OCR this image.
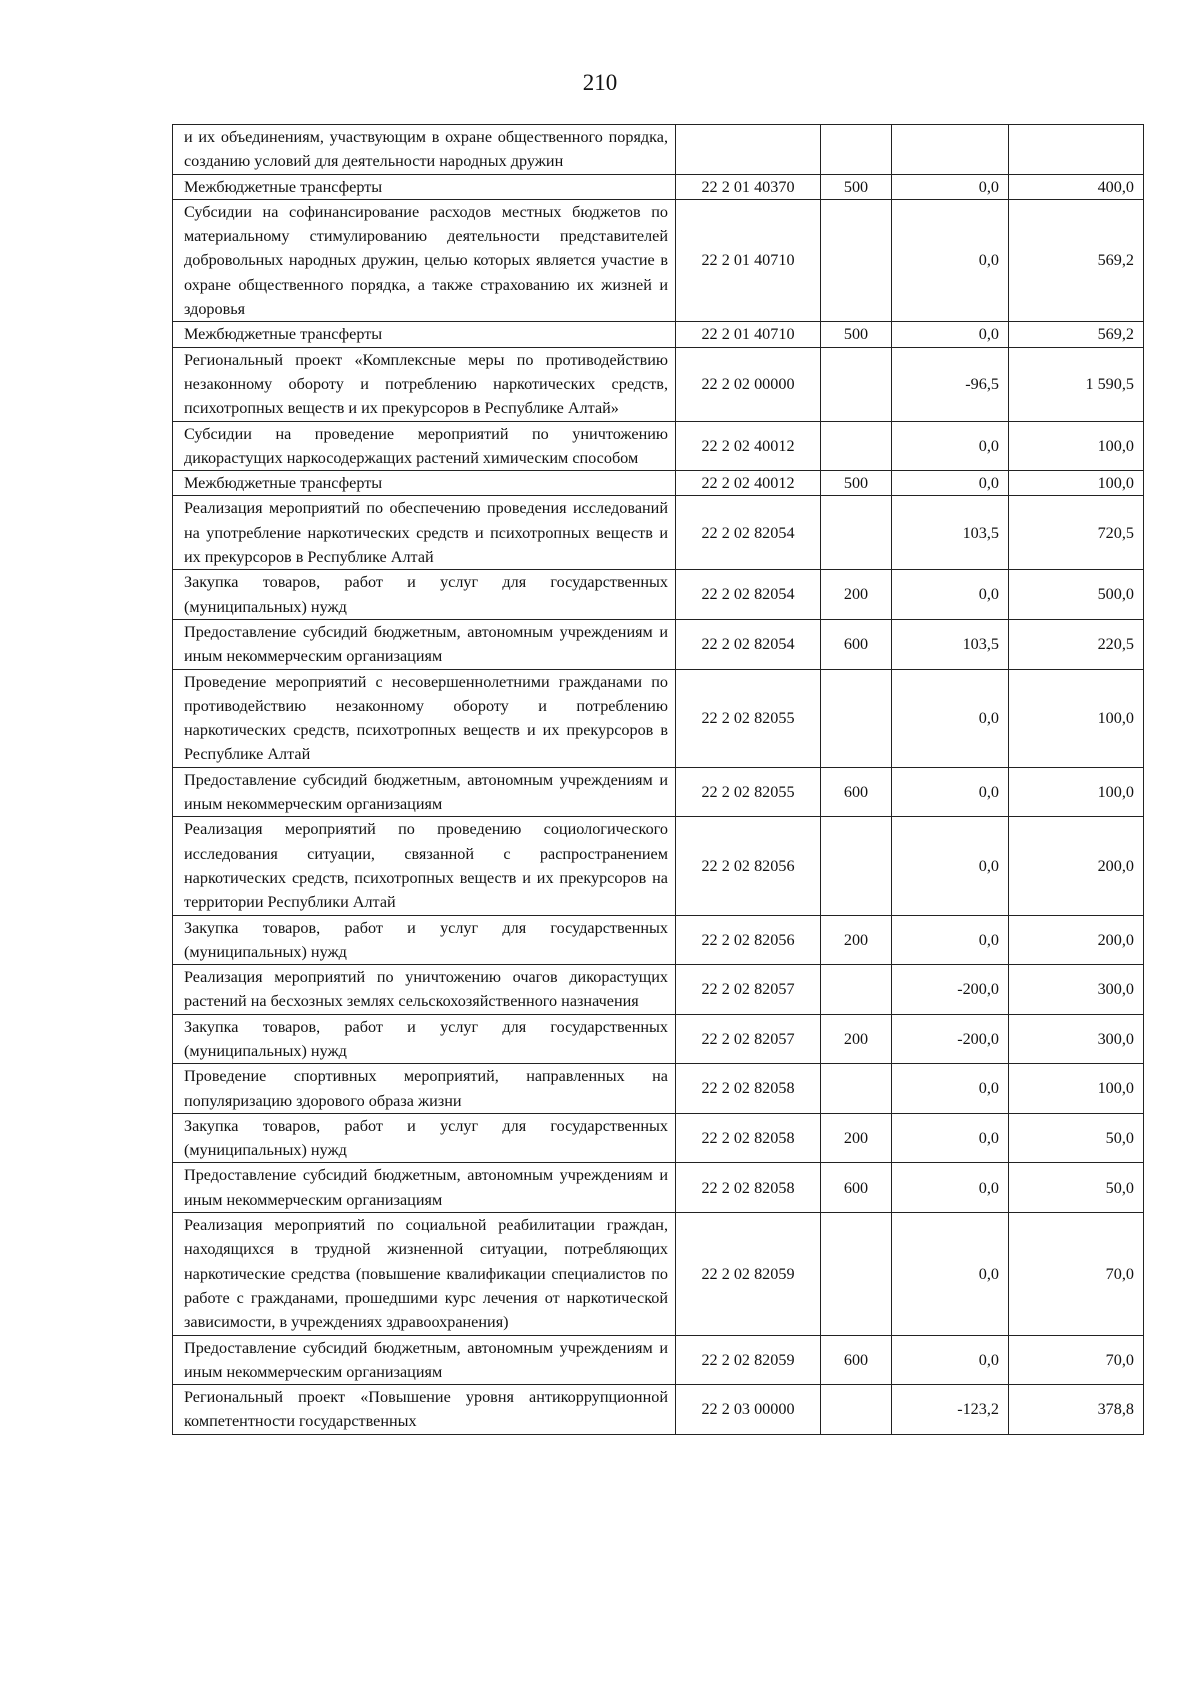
210
и их объединениям, участвующим в охране общественного порядка, созданию условий для деятельности народных дружин				
Межбюджетные трансферты	22 2 01 40370	500	0,0	400,0
Субсидии на софинансирование расходов местных бюджетов по материальному стимулированию деятельности представителей добровольных народных дружин, целью которых является участие в охране общественного порядка, а также страхованию их жизней и здоровья	22 2 01 40710		0,0	569,2
Межбюджетные трансферты	22 2 01 40710	500	0,0	569,2
Региональный проект «Комплексные меры по противодействию незаконному обороту и потреблению наркотических средств, психотропных веществ и их прекурсоров в Республике Алтай»	22 2 02 00000		-96,5	1 590,5
Субсидии на проведение мероприятий по уничтожению дикорастущих наркосодержащих растений химическим способом	22 2 02 40012		0,0	100,0
Межбюджетные трансферты	22 2 02 40012	500	0,0	100,0
Реализация мероприятий по обеспечению проведения исследований на употребление наркотических средств и психотропных веществ и их прекурсоров в Республике Алтай	22 2 02 82054		103,5	720,5
Закупка товаров, работ и услуг для государственных (муниципальных) нужд	22 2 02 82054	200	0,0	500,0
Предоставление субсидий бюджетным, автономным учреждениям и иным некоммерческим организациям	22 2 02 82054	600	103,5	220,5
Проведение мероприятий с несовершеннолетними гражданами по противодействию незаконному обороту и потреблению наркотических средств, психотропных веществ и их прекурсоров в Республике Алтай	22 2 02 82055		0,0	100,0
Предоставление субсидий бюджетным, автономным учреждениям и иным некоммерческим организациям	22 2 02 82055	600	0,0	100,0
Реализация мероприятий по проведению социологического исследования ситуации, связанной с распространением наркотических средств, психотропных веществ и их прекурсоров на территории Республики Алтай	22 2 02 82056		0,0	200,0
Закупка товаров, работ и услуг для государственных (муниципальных) нужд	22 2 02 82056	200	0,0	200,0
Реализация мероприятий по уничтожению очагов дикорастущих растений на бесхозных землях сельскохозяйственного назначения	22 2 02 82057		-200,0	300,0
Закупка товаров, работ и услуг для государственных (муниципальных) нужд	22 2 02 82057	200	-200,0	300,0
Проведение спортивных мероприятий, направленных на популяризацию здорового образа жизни	22 2 02 82058		0,0	100,0
Закупка товаров, работ и услуг для государственных (муниципальных) нужд	22 2 02 82058	200	0,0	50,0
Предоставление субсидий бюджетным, автономным учреждениям и иным некоммерческим организациям	22 2 02 82058	600	0,0	50,0
Реализация мероприятий по социальной реабилитации граждан, находящихся в трудной жизненной ситуации, потребляющих наркотические средства (повышение квалификации специалистов по работе с гражданами, прошедшими курс лечения от наркотической зависимости, в учреждениях здравоохранения)	22 2 02 82059		0,0	70,0
Предоставление субсидий бюджетным, автономным учреждениям и иным некоммерческим организациям	22 2 02 82059	600	0,0	70,0
Региональный проект «Повышение уровня антикоррупционной компетентности государственных	22 2 03 00000		-123,2	378,8
